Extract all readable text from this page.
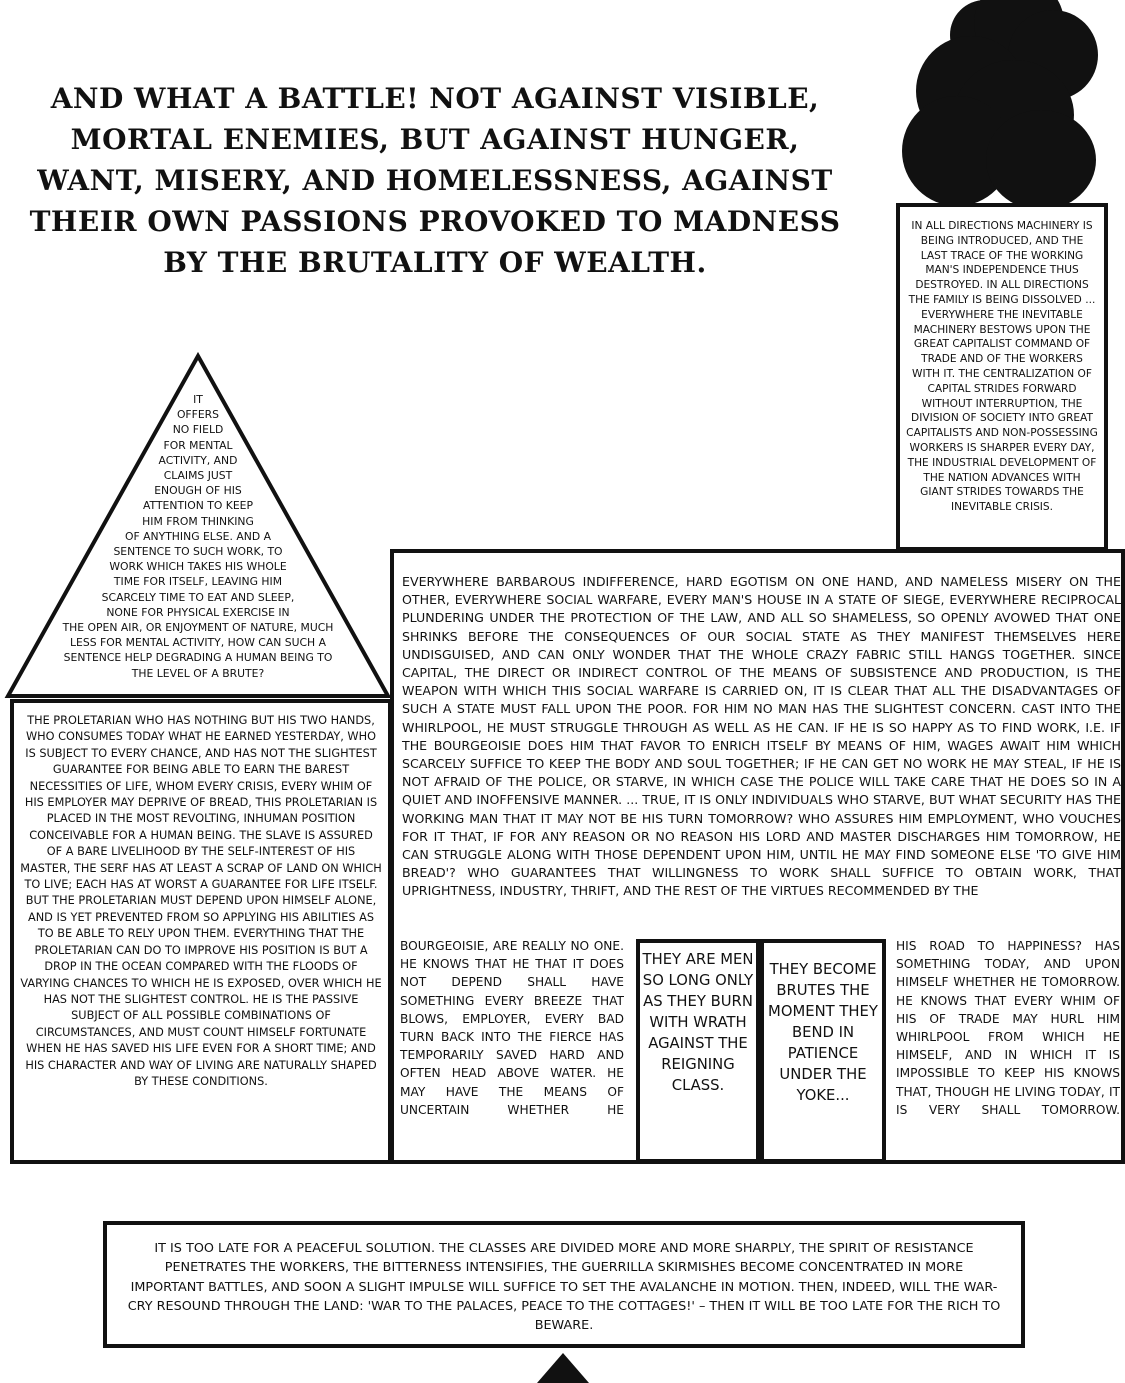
AND WHAT A BATTLE! NOT AGAINST VISIBLE, MORTAL ENEMIES, BUT AGAINST HUNGER, WANT, MISERY, AND HOMELESSNESS, AGAINST THEIR OWN PASSIONS PROVOKED TO MADNESS BY THE BRUTALITY OF WEALTH.
IN ALL DIRECTIONS MACHINERY IS BEING INTRODUCED, AND THE LAST TRACE OF THE WORKING MAN'S INDEPENDENCE THUS DESTROYED. IN ALL DIRECTIONS THE FAMILY IS BEING DISSOLVED ... EVERYWHERE THE INEVITABLE MACHINERY BESTOWS UPON THE GREAT CAPITALIST COMMAND OF TRADE AND OF THE WORKERS WITH IT. THE CENTRALIZATION OF CAPITAL STRIDES FORWARD WITHOUT INTERRUPTION, THE DIVISION OF SOCIETY INTO GREAT CAPITALISTS AND NON-POSSESSING WORKERS IS SHARPER EVERY DAY, THE INDUSTRIAL DEVELOPMENT OF THE NATION ADVANCES WITH GIANT STRIDES TOWARDS THE INEVITABLE CRISIS.
IT
OFFERS
NO FIELD
FOR MENTAL
ACTIVITY, AND
CLAIMS JUST
ENOUGH OF HIS
ATTENTION TO KEEP
HIM FROM THINKING
OF ANYTHING ELSE. AND A
SENTENCE TO SUCH WORK, TO
WORK WHICH TAKES HIS WHOLE
TIME FOR ITSELF, LEAVING HIM
SCARCELY TIME TO EAT AND SLEEP,
NONE FOR PHYSICAL EXERCISE IN
THE OPEN AIR, OR ENJOYMENT OF NATURE, MUCH
LESS FOR MENTAL ACTIVITY, HOW CAN SUCH A
SENTENCE HELP DEGRADING A HUMAN BEING TO
THE LEVEL OF A BRUTE?
THE PROLETARIAN WHO HAS NOTHING BUT HIS TWO HANDS, WHO CONSUMES TODAY WHAT HE EARNED YESTERDAY, WHO IS SUBJECT TO EVERY CHANCE, AND HAS NOT THE SLIGHTEST GUARANTEE FOR BEING ABLE TO EARN THE BAREST NECESSITIES OF LIFE, WHOM EVERY CRISIS, EVERY WHIM OF HIS EMPLOYER MAY DEPRIVE OF BREAD, THIS PROLETARIAN IS PLACED IN THE MOST REVOLTING, INHUMAN POSITION CONCEIVABLE FOR A HUMAN BEING. THE SLAVE IS ASSURED OF A BARE LIVELIHOOD BY THE SELF-INTEREST OF HIS MASTER, THE SERF HAS AT LEAST A SCRAP OF LAND ON WHICH TO LIVE; EACH HAS AT WORST A GUARANTEE FOR LIFE ITSELF. BUT THE PROLETARIAN MUST DEPEND UPON HIMSELF ALONE, AND IS YET PREVENTED FROM SO APPLYING HIS ABILITIES AS TO BE ABLE TO RELY UPON THEM. EVERYTHING THAT THE PROLETARIAN CAN DO TO IMPROVE HIS POSITION IS BUT A DROP IN THE OCEAN COMPARED WITH THE FLOODS OF VARYING CHANCES TO WHICH HE IS EXPOSED, OVER WHICH HE HAS NOT THE SLIGHTEST CONTROL. HE IS THE PASSIVE SUBJECT OF ALL POSSIBLE COMBINATIONS OF CIRCUMSTANCES, AND MUST COUNT HIMSELF FORTUNATE WHEN HE HAS SAVED HIS LIFE EVEN FOR A SHORT TIME; AND HIS CHARACTER AND WAY OF LIVING ARE NATURALLY SHAPED BY THESE CONDITIONS.
EVERYWHERE BARBAROUS INDIFFERENCE, HARD EGOTISM ON ONE HAND, AND NAMELESS MISERY ON THE OTHER, EVERYWHERE SOCIAL WARFARE, EVERY MAN'S HOUSE IN A STATE OF SIEGE, EVERYWHERE RECIPROCAL PLUNDERING UNDER THE PROTECTION OF THE LAW, AND ALL SO SHAMELESS, SO OPENLY AVOWED THAT ONE SHRINKS BEFORE THE CONSEQUENCES OF OUR SOCIAL STATE AS THEY MANIFEST THEMSELVES HERE UNDISGUISED, AND CAN ONLY WONDER THAT THE WHOLE CRAZY FABRIC STILL HANGS TOGETHER. SINCE CAPITAL, THE DIRECT OR INDIRECT CONTROL OF THE MEANS OF SUBSISTENCE AND PRODUCTION, IS THE WEAPON WITH WHICH THIS SOCIAL WARFARE IS CARRIED ON, IT IS CLEAR THAT ALL THE DISADVANTAGES OF SUCH A STATE MUST FALL UPON THE POOR. FOR HIM NO MAN HAS THE SLIGHTEST CONCERN. CAST INTO THE WHIRLPOOL, HE MUST STRUGGLE THROUGH AS WELL AS HE CAN. IF HE IS SO HAPPY AS TO FIND WORK, I.E. IF THE BOURGEOISIE DOES HIM THAT FAVOR TO ENRICH ITSELF BY MEANS OF HIM, WAGES AWAIT HIM WHICH SCARCELY SUFFICE TO KEEP THE BODY AND SOUL TOGETHER; IF HE CAN GET NO WORK HE MAY STEAL, IF HE IS NOT AFRAID OF THE POLICE, OR STARVE, IN WHICH CASE THE POLICE WILL TAKE CARE THAT HE DOES SO IN A QUIET AND INOFFENSIVE MANNER. ... TRUE, IT IS ONLY INDIVIDUALS WHO STARVE, BUT WHAT SECURITY HAS THE WORKING MAN THAT IT MAY NOT BE HIS TURN TOMORROW? WHO ASSURES HIM EMPLOYMENT, WHO VOUCHES FOR IT THAT, IF FOR ANY REASON OR NO REASON HIS LORD AND MASTER DISCHARGES HIM TOMORROW, HE CAN STRUGGLE ALONG WITH THOSE DEPENDENT UPON HIM, UNTIL HE MAY FIND SOMEONE ELSE 'TO GIVE HIM BREAD'? WHO GUARANTEES THAT WILLINGNESS TO WORK SHALL SUFFICE TO OBTAIN WORK, THAT UPRIGHTNESS, INDUSTRY, THRIFT, AND THE REST OF THE VIRTUES RECOMMENDED BY THE
BOURGEOISIE, ARE REALLY NO ONE. HE KNOWS THAT HE THAT IT DOES NOT DEPEND SHALL HAVE SOMETHING EVERY BREEZE THAT BLOWS, EMPLOYER, EVERY BAD TURN BACK INTO THE FIERCE HAS TEMPORARILY SAVED HARD AND OFTEN HEAD ABOVE WATER. HE MAY HAVE THE MEANS OF UNCERTAIN WHETHER HE
THEY ARE MEN SO LONG ONLY AS THEY BURN WITH WRATH AGAINST THE REIGNING CLASS.
THEY BECOME BRUTES THE MOMENT THEY BEND IN PATIENCE UNDER THE YOKE...
HIS ROAD TO HAPPINESS? HAS SOMETHING TODAY, AND UPON HIMSELF WHETHER HE TOMORROW. HE KNOWS THAT EVERY WHIM OF HIS OF TRADE MAY HURL HIM WHIRLPOOL FROM WHICH HE HIMSELF, AND IN WHICH IT IS IMPOSSIBLE TO KEEP HIS KNOWS THAT, THOUGH HE LIVING TODAY, IT IS VERY SHALL TOMORROW.
IT IS TOO LATE FOR A PEACEFUL SOLUTION. THE CLASSES ARE DIVIDED MORE AND MORE SHARPLY, THE SPIRIT OF RESISTANCE PENETRATES THE WORKERS, THE BITTERNESS INTENSIFIES, THE GUERRILLA SKIRMISHES BECOME CONCENTRATED IN MORE IMPORTANT BATTLES, AND SOON A SLIGHT IMPULSE WILL SUFFICE TO SET THE AVALANCHE IN MOTION. THEN, INDEED, WILL THE WAR-CRY RESOUND THROUGH THE LAND: 'WAR TO THE PALACES, PEACE TO THE COTTAGES!' – THEN IT WILL BE TOO LATE FOR THE RICH TO BEWARE.
